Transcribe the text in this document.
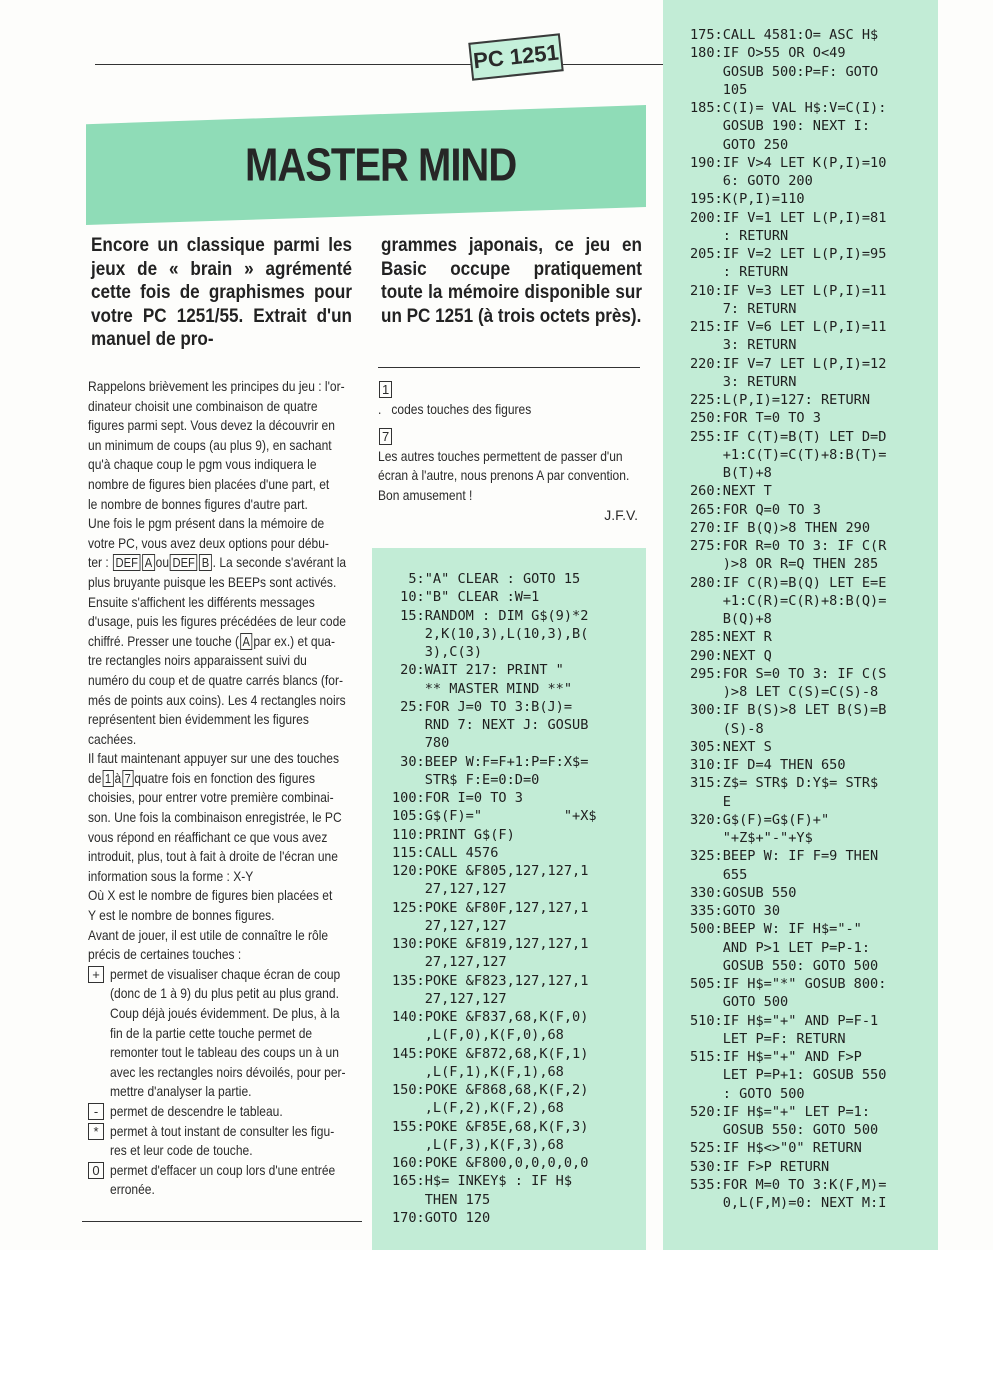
PC 1251
MASTER MIND
Encore un classique parmi les jeux de « brain » agrémenté cette fois de graphismes pour votre PC 1251/55. Extrait d'un manuel de pro-
grammes japonais, ce jeu en Basic occupe pratiquement toute la mémoire disponible sur un PC 1251 (à trois octets près).
Rappelons brièvement les principes du jeu : l'or-
dinateur choisit une combinaison de quatre
figures parmi sept. Vous devez la découvrir en
un minimum de coups (au plus 9), en sachant
qu'à chaque coup le pgm vous indiquera le
nombre de figures bien placées d'une part, et
le nombre de bonnes figures d'autre part.

Une fois le pgm présent dans la mémoire de
votre PC, vous avez deux options pour débu-
ter : DEF A ou DEF B . La seconde s'avérant la

plus bruyante puisque les BEEPs sont activés.
Ensuite s'affichent les différents messages
d'usage, puis les figures précédées de leur code

chiffré. Presser une touche ( A par ex.) et qua-

tre rectangles noirs apparaissent suivi du
numéro du coup et de quatre carrés blancs (for-
més de points aux coins). Les 4 rectangles noirs
représentent bien évidemment les figures
cachées.

Il faut maintenant appuyer sur une des touches
de 1 à 7 quatre fois en fonction des figures

choisies, pour entrer votre première combinai-
son. Une fois la combinaison enregistrée, le PC
vous répond en réaffichant ce que vous avez
introduit, plus, tout à fait à droite de l'écran une
information sous la forme : X-Y

Où X est le nombre de figures bien placées et
Y est le nombre de bonnes figures.

Avant de jouer, il est utile de connaître le rôle
précis de certaines touches :

+ permet de visualiser chaque écran de coup
(donc de 1 à 9) du plus petit au plus grand.
Coup déjà joués évidemment. De plus, à la
fin de la partie cette touche permet de
remonter tout le tableau des coups un à un
avec les rectangles noirs dévoilés, pour per-
mettre d'analyser la partie.

- permet de descendre le tableau.

* permet à tout instant de consulter les figu-
res et leur code de touche.

0 permet d'effacer un coup lors d'une entrée
erronée.

1
.   codes touches des figures
7

Les autres touches permettent de passer d'un
écran à l'autre, nous prenons A par convention.
Bon amusement !

J.F.V.
5:"A" CLEAR : GOTO 15
10:"B" CLEAR :W=1
15:RANDOM : DIM G$(9)*2
2,K(10,3),L(10,3),B(
3),C(3)
20:WAIT 217: PRINT "
** MASTER MIND **"
25:FOR J=0 TO 3:B(J)=
RND 7: NEXT J: GOSUB
780
30:BEEP W:F=F+1:P=F:X$=
STR$ F:E=0:D=0
100:FOR I=0 TO 3
105:G$(F)="          "+X$
110:PRINT G$(F)
115:CALL 4576
120:POKE &F805,127,127,1
27,127,127
125:POKE &F80F,127,127,1
27,127,127
130:POKE &F819,127,127,1
27,127,127
135:POKE &F823,127,127,1
27,127,127
140:POKE &F837,68,K(F,0)
,L(F,0),K(F,0),68
145:POKE &F872,68,K(F,1)
,L(F,1),K(F,1),68
150:POKE &F868,68,K(F,2)
,L(F,2),K(F,2),68
155:POKE &F85E,68,K(F,3)
,L(F,3),K(F,3),68
160:POKE &F800,0,0,0,0,0
165:H$= INKEY$ : IF H$
THEN 175
170:GOTO 120
175:CALL 4581:O= ASC H$
180:IF O>55 OR O<49
GOSUB 500:P=F: GOTO
105
185:C(I)= VAL H$:V=C(I):
GOSUB 190: NEXT I:
GOTO 250
190:IF V>4 LET K(P,I)=10
6: GOTO 200
195:K(P,I)=110
200:IF V=1 LET L(P,I)=81
: RETURN
205:IF V=2 LET L(P,I)=95
: RETURN
210:IF V=3 LET L(P,I)=11
7: RETURN
215:IF V=6 LET L(P,I)=11
3: RETURN
220:IF V=7 LET L(P,I)=12
3: RETURN
225:L(P,I)=127: RETURN
250:FOR T=0 TO 3
255:IF C(T)=B(T) LET D=D
+1:C(T)=C(T)+8:B(T)=
B(T)+8
260:NEXT T
265:FOR Q=0 TO 3
270:IF B(Q)>8 THEN 290
275:FOR R=0 TO 3: IF C(R
)>8 OR R=Q THEN 285
280:IF C(R)=B(Q) LET E=E
+1:C(R)=C(R)+8:B(Q)=
B(Q)+8
285:NEXT R
290:NEXT Q
295:FOR S=0 TO 3: IF C(S
)>8 LET C(S)=C(S)-8
300:IF B(S)>8 LET B(S)=B
(S)-8
305:NEXT S
310:IF D=4 THEN 650
315:Z$= STR$ D:Y$= STR$
E
320:G$(F)=G$(F)+"
"+Z$+"-"+Y$
325:BEEP W: IF F=9 THEN
655
330:GOSUB 550
335:GOTO 30
500:BEEP W: IF H$="-"
AND P>1 LET P=P-1:
GOSUB 550: GOTO 500
505:IF H$="*" GOSUB 800:
GOTO 500
510:IF H$="+" AND P=F-1
LET P=F: RETURN
515:IF H$="+" AND F>P
LET P=P+1: GOSUB 550
: GOTO 500
520:IF H$="+" LET P=1:
GOSUB 550: GOTO 500
525:IF H$<>"0" RETURN
530:IF F>P RETURN
535:FOR M=0 TO 3:K(F,M)=
0,L(F,M)=0: NEXT M:I
